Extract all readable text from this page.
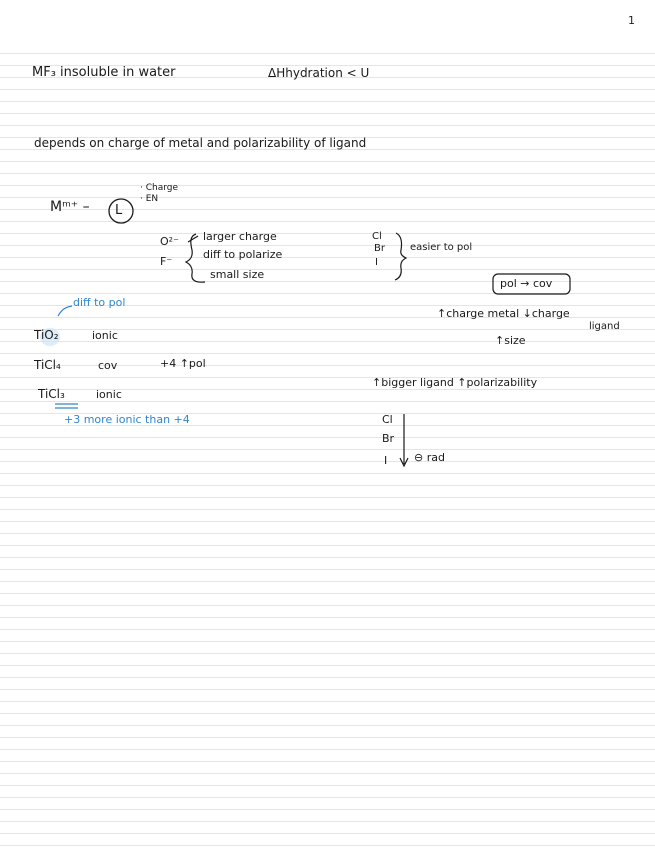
1
MF₃ insoluble in water	ΔHhydration < U
depends on charge of metal and polarizability of ligand
Mᵐ⁺ – L
· Charge
· EN
O²⁻
F⁻
larger charge
diff to polarize
small size
Cl
Br
I
easier to pol
pol → cov
↑charge metal ↓charge
ligand
↑size
diff to pol
TiO₂	ionic
TiCl₄	cov	+4 ↑pol
TiCl₃	ionic
+3 more ionic than +4
↑bigger ligand ↑polarizability
Cl
Br
I ⊖ rad
